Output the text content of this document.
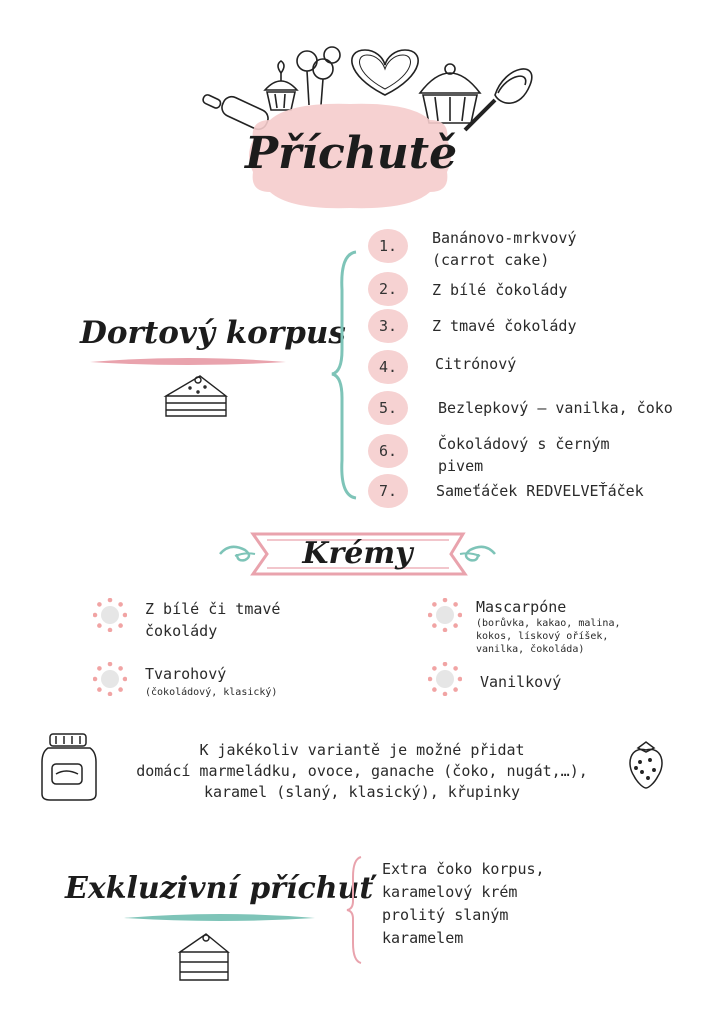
Příchutě
Dortový korpus
1.	Banánovo-mrkvový
(carrot cake)
2.	Z bílé čokolády
3.	Z tmavé čokolády
4.	Citrónový
5.	Bezlepkový – vanilka, čoko
6.	Čokoládový s černým
pivem
7.	Sameťáček REDVELVEŤáček
Krémy
Z bílé či tmavé
čokolády
Mascarpóne
(borůvka, kakao, malina, kokos, lískový oříšek, vanilka, čokoláda)
Tvarohový
(čokoládový, klasický)
Vanilkový
K jakékoliv variantě je možné přidat
domácí marmeládku, ovoce, ganache (čoko, nugát,…),
karamel (slaný, klasický), křupinky
Exkluzivní příchuť
Extra čoko korpus,
karamelový krém
prolitý slaným
karamelem
